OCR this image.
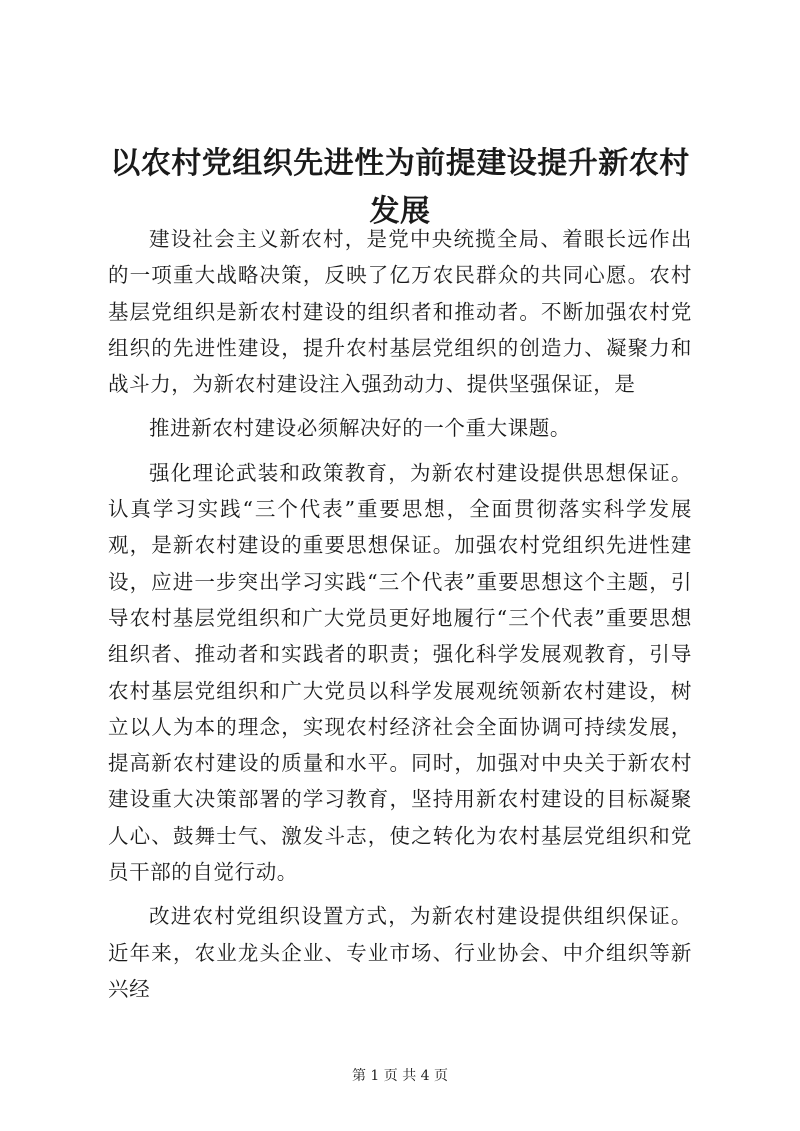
以农村党组织先进性为前提建设提升新农村发展

建设社会主义新农村，是党中央统揽全局、着眼长远作出的一项重大战略决策，反映了亿万农民群众的共同心愿。农村基层党组织是新农村建设的组织者和推动者。不断加强农村党组织的先进性建设，提升农村基层党组织的创造力、凝聚力和战斗力，为新农村建设注入强劲动力、提供坚强保证，是

推进新农村建设必须解决好的一个重大课题。

强化理论武装和政策教育，为新农村建设提供思想保证。认真学习实践“三个代表”重要思想，全面贯彻落实科学发展观，是新农村建设的重要思想保证。加强农村党组织先进性建设，应进一步突出学习实践“三个代表”重要思想这个主题，引导农村基层党组织和广大党员更好地履行“三个代表”重要思想组织者、推动者和实践者的职责；强化科学发展观教育，引导农村基层党组织和广大党员以科学发展观统领新农村建设，树立以人为本的理念，实现农村经济社会全面协调可持续发展，提高新农村建设的质量和水平。同时，加强对中央关于新农村建设重大决策部署的学习教育，坚持用新农村建设的目标凝聚人心、鼓舞士气、激发斗志，使之转化为农村基层党组织和党员干部的自觉行动。

改进农村党组织设置方式，为新农村建设提供组织保证。近年来，农业龙头企业、专业市场、行业协会、中介组织等新兴经

第 1 页 共 4 页
